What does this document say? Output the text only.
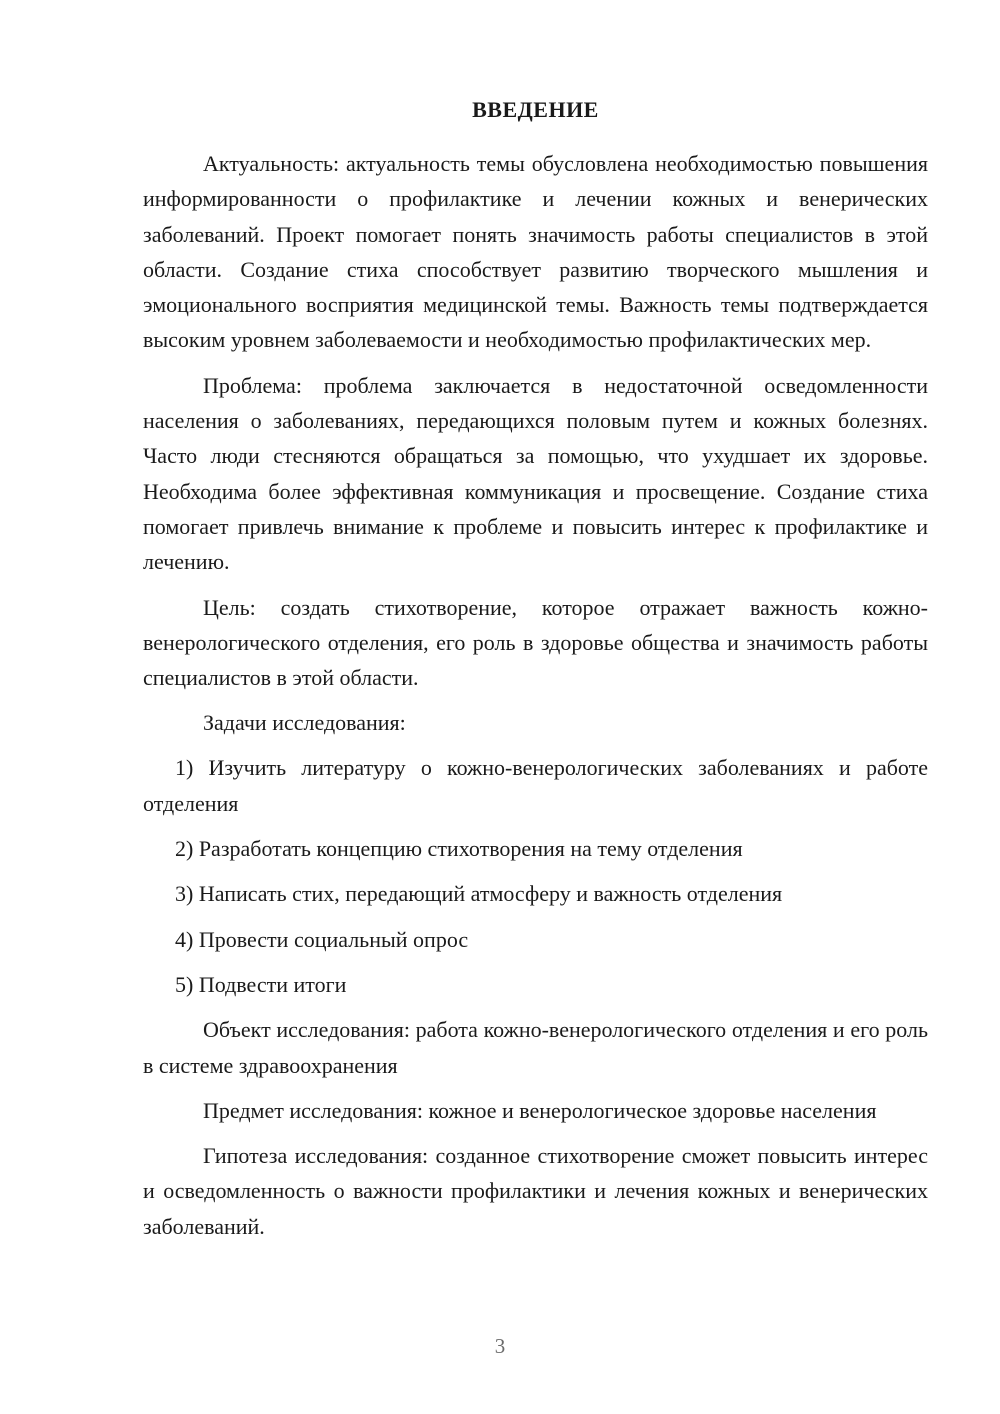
ВВЕДЕНИЕ

Актуальность: актуальность темы обусловлена необходимостью повышения информированности о профилактике и лечении кожных и венерических заболеваний. Проект помогает понять значимость работы специалистов в этой области. Создание стиха способствует развитию творческого мышления и эмоционального восприятия медицинской темы. Важность темы подтверждается высоким уровнем заболеваемости и необходимостью профилактических мер.

Проблема: проблема заключается в недостаточной осведомленности населения о заболеваниях, передающихся половым путем и кожных болезнях. Часто люди стесняются обращаться за помощью, что ухудшает их здоровье. Необходима более эффективная коммуникация и просвещение. Создание стиха помогает привлечь внимание к проблеме и повысить интерес к профилактике и лечению.

Цель: создать стихотворение, которое отражает важность кожно-венерологического отделения, его роль в здоровье общества и значимость работы специалистов в этой области.

Задачи исследования:

1) Изучить литературу о кожно-венерологических заболеваниях и работе отделения

2) Разработать концепцию стихотворения на тему отделения

3) Написать стих, передающий атмосферу и важность отделения

4) Провести социальный опрос

5) Подвести итоги

Объект исследования: работа кожно-венерологического отделения и его роль в системе здравоохранения

Предмет исследования: кожное и венерологическое здоровье населения

Гипотеза исследования: созданное стихотворение сможет повысить интерес и осведомленность о важности профилактики и лечения кожных и венерических заболеваний.

3
